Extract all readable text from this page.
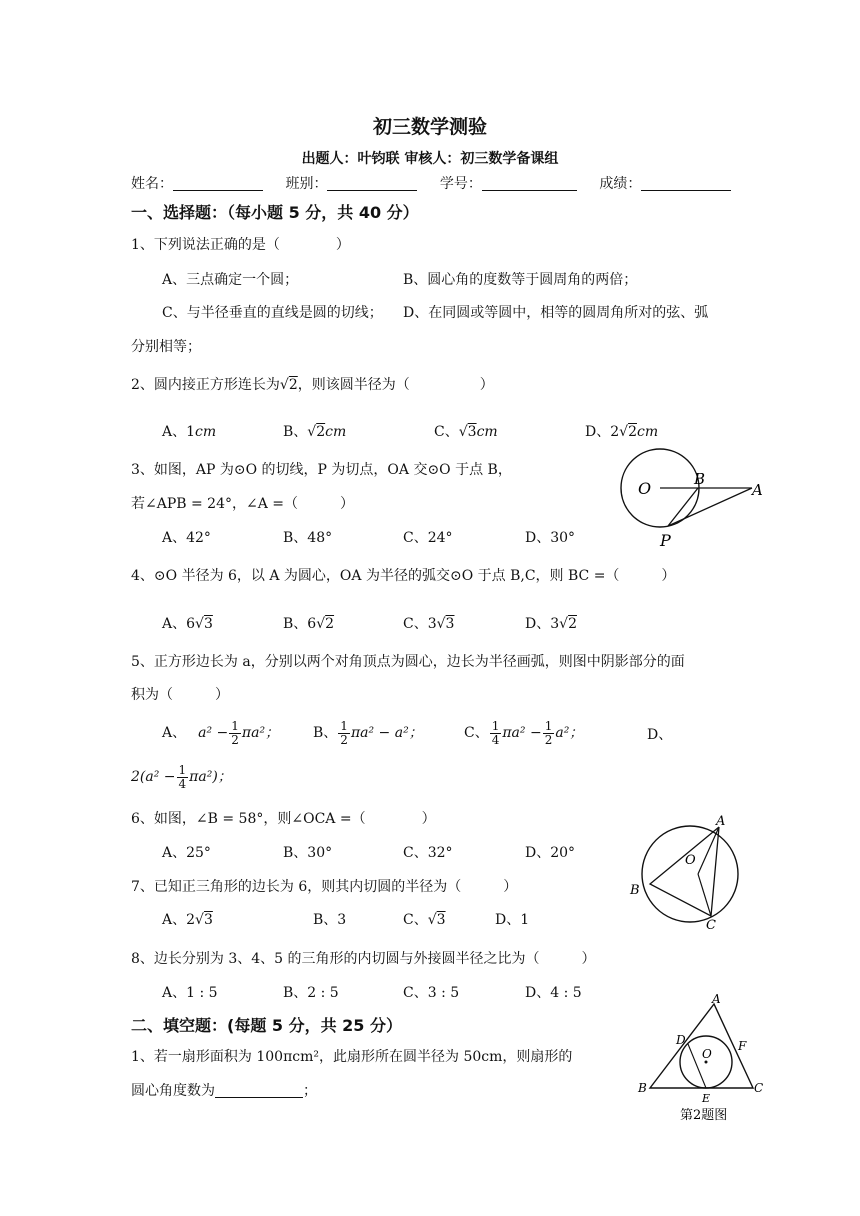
初三数学测验
出题人：叶钧联 审核人：初三数学备课组
姓名：	班别：	学号：	成绩：
一、选择题：（每小题 5 分，共 40 分）
1、下列说法正确的是（　　　　）
A、三点确定一个圆；	B、圆心角的度数等于圆周角的两倍；
C、与半径垂直的直线是圆的切线； D、在同圆或等圆中，相等的圆周角所对的弦、弧
分别相等；
2、圆内接正方形连长为√2，则该圆半径为（　　　　　）
A、1cm	B、√2cm	C、√3cm	D、2√2cm
3、如图，AP 为⊙O 的切线，P 为切点，OA 交⊙O 于点 B，
若∠APB = 24°，∠A =（　　　）
A、42°	B、48°	C、24°	D、30°
O	B
A
P
4、⊙O 半径为 6，以 A 为圆心，OA 为半径的弧交⊙O 于点 B,C，则 BC =（　　　）
A、6√3	B、6√2	C、3√3	D、3√2
5、正方形边长为 a，分别以两个对角顶点为圆心，边长为半径画弧，则图中阴影部分的面
积为（　　　）
A、 $a^2 - \frac{1}{2} \pi a^2$； B、 $\frac{1}{2} \pi a^2 - a^2$；	C、 $\frac{1}{4} \pi a^2 - \frac{1}{2} a^2$；	D、
$2(a^2 - \frac{1}{4} \pi a^2)$；
6、如图，∠B = 58°，则∠OCA =（　　　　）
A、25°	B、30°	C、32°	D、20°
A
B
C
O
7、已知正三角形的边长为 6，则其内切圆的半径为（　　　）
A、2√3	B、3	C、√3	D、1
8、边长分别为 3、4、5 的三角形的内切圆与外接圆半径之比为（　　　）
A、1 : 5	B、2 : 5	C、3 : 5	D、4 : 5
二、填空题：(每题 5 分，共 25 分）
1、若一扇形面积为 100πcm²，此扇形所在圆半径为 50cm，则扇形的
圆心角度数为	；
A
B	C
D
E
F
O
第2题图
